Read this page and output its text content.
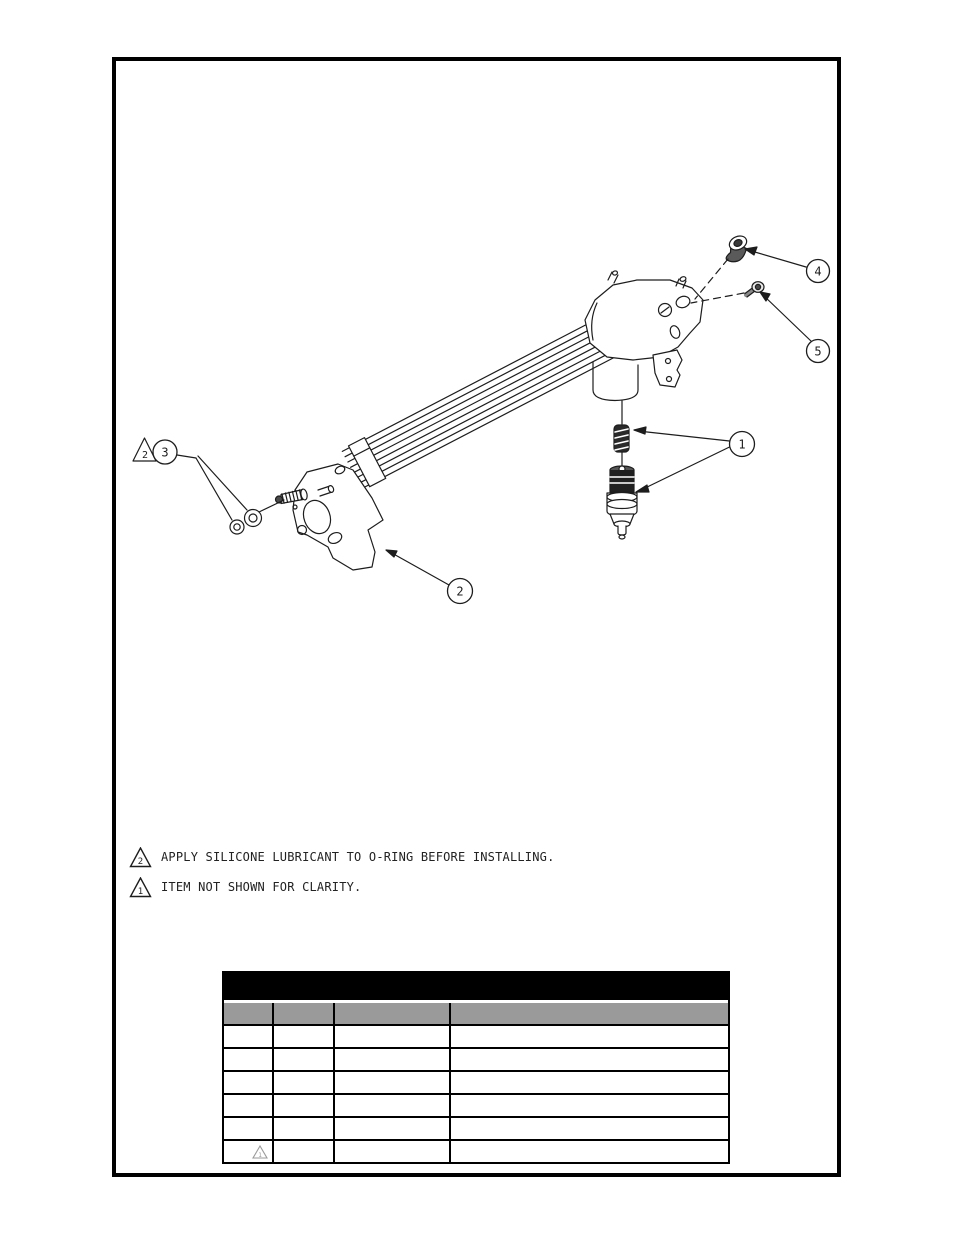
2
1
2
3
4
5
2 APPLY SILICONE LUBRICANT TO O-RING BEFORE INSTALLING.
1 ITEM NOT SHOWN FOR CLARITY.
1
